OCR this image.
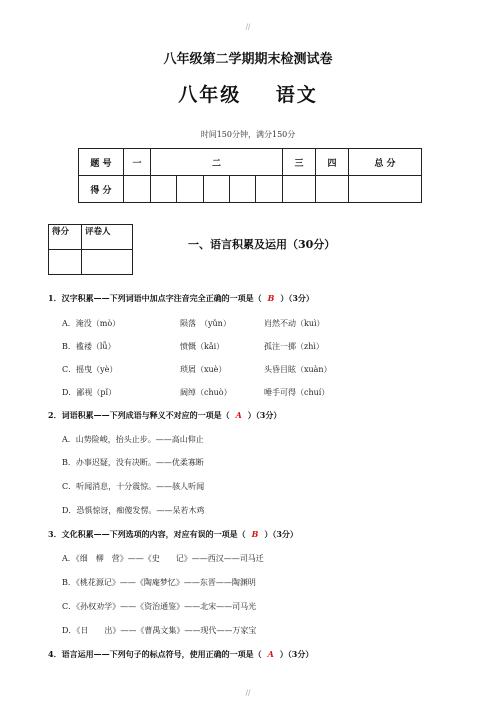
//
八年级第二学期期末检测试卷
八年级    语文
时间150分钟，满分150分
题 号	一	二					三	四	总 分
得 分									
得分	评卷人

一、语言积累及运用（30分）
1．汉字积累——下列词语中加点字注音完全正确的一项是（ B ）（3分）
A．淹没（mò）	陨落　（yǔn）	岿然不动（kuì）
B．褴褛（lǚ）	愤慨（kǎi）	孤注一掷（zhì）
C．摇曳（yè）	琐屑（xuè）	头昏目眩（xuàn）
D．鄙视（pǐ）	阔绰（chuò）	唾手可得（chuí）
2．词语积累——下列成语与释义不对应的一项是（ A ）（3分）
A．山势险峻，抬头止步。——高山仰止
B．办事迟疑，没有决断。——优柔寡断
C．听闻消息，十分震惊。——骇人听闻
D．恐惧惊讶，痴傻发愣。——呆若木鸡
3．文化积累——下列选项的内容，对应有误的一项是（ B ）（3分）
A．《细　柳　营》——《史　　记》——西汉——司马迁
B．《桃花源记》——《陶庵梦忆》——东晋——陶渊明
C．《孙权劝学》——《资治通鉴》——北宋——司马光
D．《日　　出》——《曹禺文集》——现代——万家宝
4．语言运用——下列句子的标点符号，使用正确的一项是（ A ）（3分）
//
